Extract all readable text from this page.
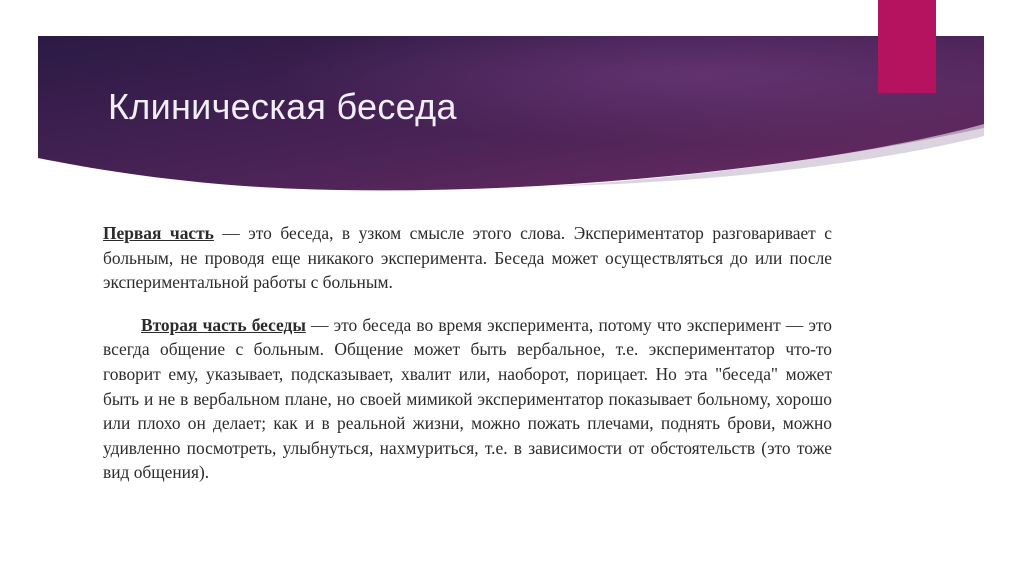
Клиническая беседа

Первая часть — это беседа, в узком смысле этого слова. Экспериментатор разговаривает с больным, не проводя еще никакого эксперимента. Беседа может осуществляться до или после экспериментальной работы с больным.

Вторая часть беседы — это беседа во время эксперимента, потому что эксперимент — это всегда общение с больным. Общение может быть вербальное, т.е. экспериментатор что-то говорит ему, указывает, подсказывает, хвалит или, наоборот, порицает. Но эта "беседа" может быть и не в вербальном плане, но своей мимикой экспериментатор показывает больному, хорошо или плохо он делает; как и в реальной жизни, можно пожать плечами, поднять брови, можно удивленно посмотреть, улыбнуться, нахмуриться, т.е. в зависимости от обстоятельств (это тоже вид общения).
